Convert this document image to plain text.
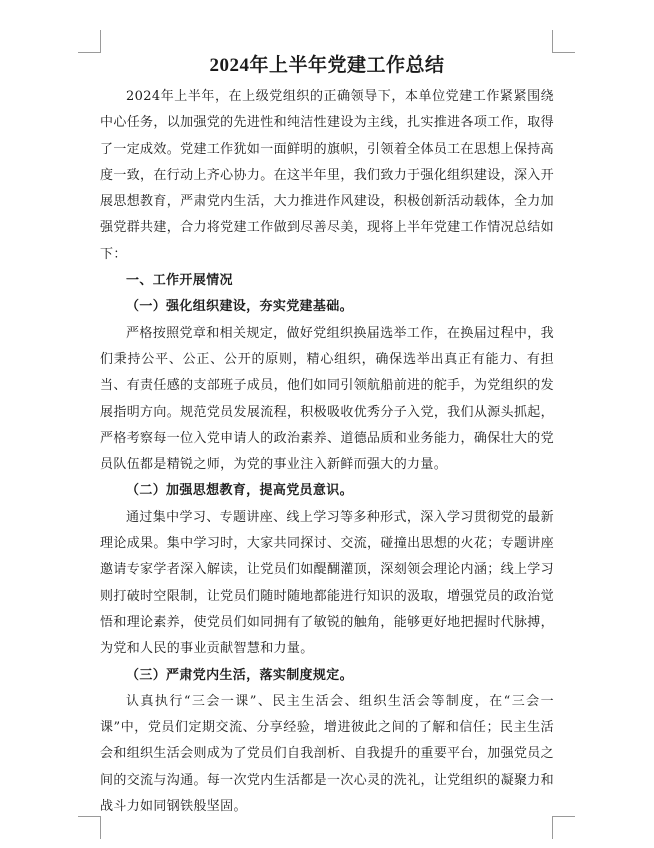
2024年上半年党建工作总结

2024年上半年，在上级党组织的正确领导下，本单位党建工作紧紧围绕中心任务，以加强党的先进性和纯洁性建设为主线，扎实推进各项工作，取得了一定成效。党建工作犹如一面鲜明的旗帜，引领着全体员工在思想上保持高度一致，在行动上齐心协力。在这半年里，我们致力于强化组织建设，深入开展思想教育，严肃党内生活，大力推进作风建设，积极创新活动载体，全力加强党群共建，合力将党建工作做到尽善尽美，现将上半年党建工作情况总结如下：

一、工作开展情况
（一）强化组织建设，夯实党建基础。

严格按照党章和相关规定，做好党组织换届选举工作，在换届过程中，我们秉持公平、公正、公开的原则，精心组织，确保选举出真正有能力、有担当、有责任感的支部班子成员，他们如同引领航船前进的舵手，为党组织的发展指明方向。规范党员发展流程，积极吸收优秀分子入党，我们从源头抓起，严格考察每一位入党申请人的政治素养、道德品质和业务能力，确保壮大的党员队伍都是精锐之师，为党的事业注入新鲜而强大的力量。

（二）加强思想教育，提高党员意识。

通过集中学习、专题讲座、线上学习等多种形式，深入学习贯彻党的最新理论成果。集中学习时，大家共同探讨、交流，碰撞出思想的火花；专题讲座邀请专家学者深入解读，让党员们如醍醐灌顶，深刻领会理论内涵；线上学习则打破时空限制，让党员们随时随地都能进行知识的汲取，增强党员的政治觉悟和理论素养，使党员们如同拥有了敏锐的触角，能够更好地把握时代脉搏，为党和人民的事业贡献智慧和力量。

（三）严肃党内生活，落实制度规定。

认真执行“三会一课”、民主生活会、组织生活会等制度，在“三会一课”中，党员们定期交流、分享经验，增进彼此之间的了解和信任；民主生活会和组织生活会则成为了党员们自我剖析、自我提升的重要平台，加强党员之间的交流与沟通。每一次党内生活都是一次心灵的洗礼，让党组织的凝聚力和战斗力如同钢铁般坚固。
